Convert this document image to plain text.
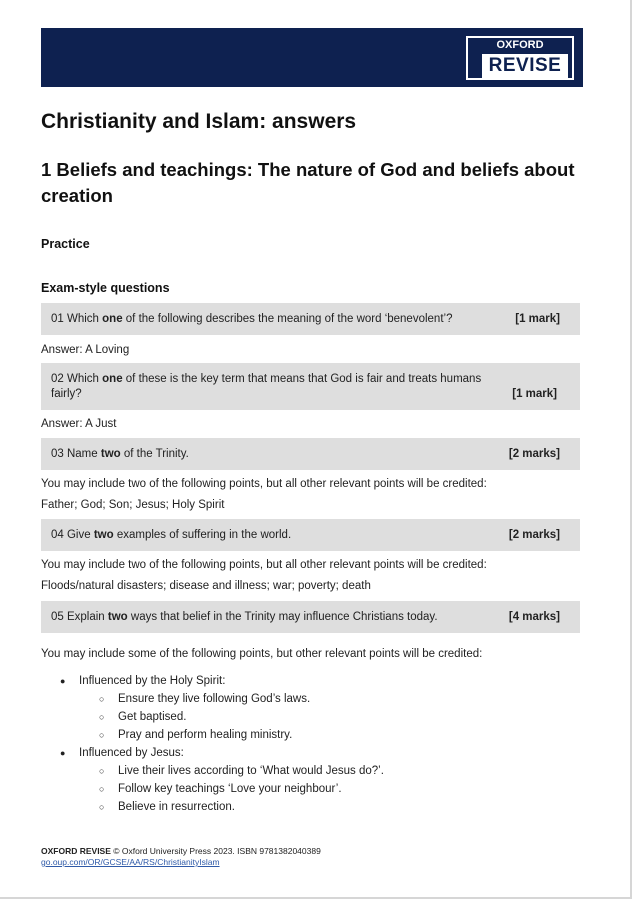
OXFORD
REVISE
Christianity and Islam: answers
1 Beliefs and teachings: The nature of God and beliefs about creation

Practice

Exam-style questions

01 Which one of the following describes the meaning of the word ‘benevolent’?	[1 mark]

Answer: A Loving

02 Which one of these is the key term that means that God is fair and treats humans
fairly?	[1 mark]

Answer: A Just

03 Name two of the Trinity.	[2 marks]

You may include two of the following points, but all other relevant points will be credited:

Father; God; Son; Jesus; Holy Spirit

04 Give two examples of suffering in the world.	[2 marks]

You may include two of the following points, but all other relevant points will be credited:

Floods/natural disasters; disease and illness; war; poverty; death

05 Explain two ways that belief in the Trinity may influence Christians today.	[4 marks]

You may include some of the following points, but other relevant points will be credited:

● Influenced by the Holy Spirit:
○ Ensure they live following God’s laws.
○ Get baptised.
○ Pray and perform healing ministry.
● Influenced by Jesus:
○ Live their lives according to ‘What would Jesus do?’.
○ Follow key teachings ‘Love your neighbour’.
○ Believe in resurrection.
OXFORD REVISE © Oxford University Press 2023. ISBN 9781382040389
go.oup.com/OR/GCSE/AA/RS/ChristianityIslam
